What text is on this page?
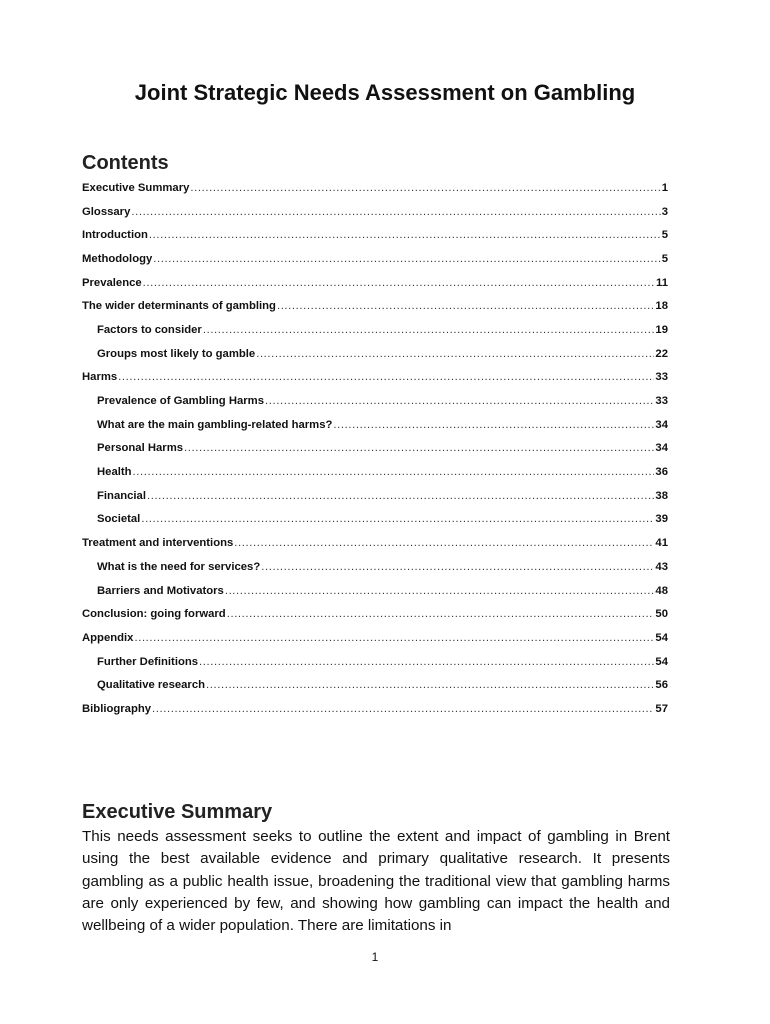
Joint Strategic Needs Assessment on Gambling
Contents
Executive Summary .....	1
Glossary .....	3
Introduction .....	5
Methodology .....	5
Prevalence .....	11
The wider determinants of gambling .....	18
Factors to consider .....	19
Groups most likely to gamble .....	22
Harms .....	33
Prevalence of Gambling Harms .....	33
What are the main gambling-related harms? .....	34
Personal Harms .....	34
Health .....	36
Financial .....	38
Societal .....	39
Treatment and interventions .....	41
What is the need for services? .....	43
Barriers and Motivators .....	48
Conclusion: going forward .....	50
Appendix .....	54
Further Definitions .....	54
Qualitative research .....	56
Bibliography .....	57
Executive Summary

This needs assessment seeks to outline the extent and impact of gambling in Brent using the best available evidence and primary qualitative research. It presents gambling as a public health issue, broadening the traditional view that gambling harms are only experienced by few, and showing how gambling can impact the health and wellbeing of a wider population. There are limitations in

1
